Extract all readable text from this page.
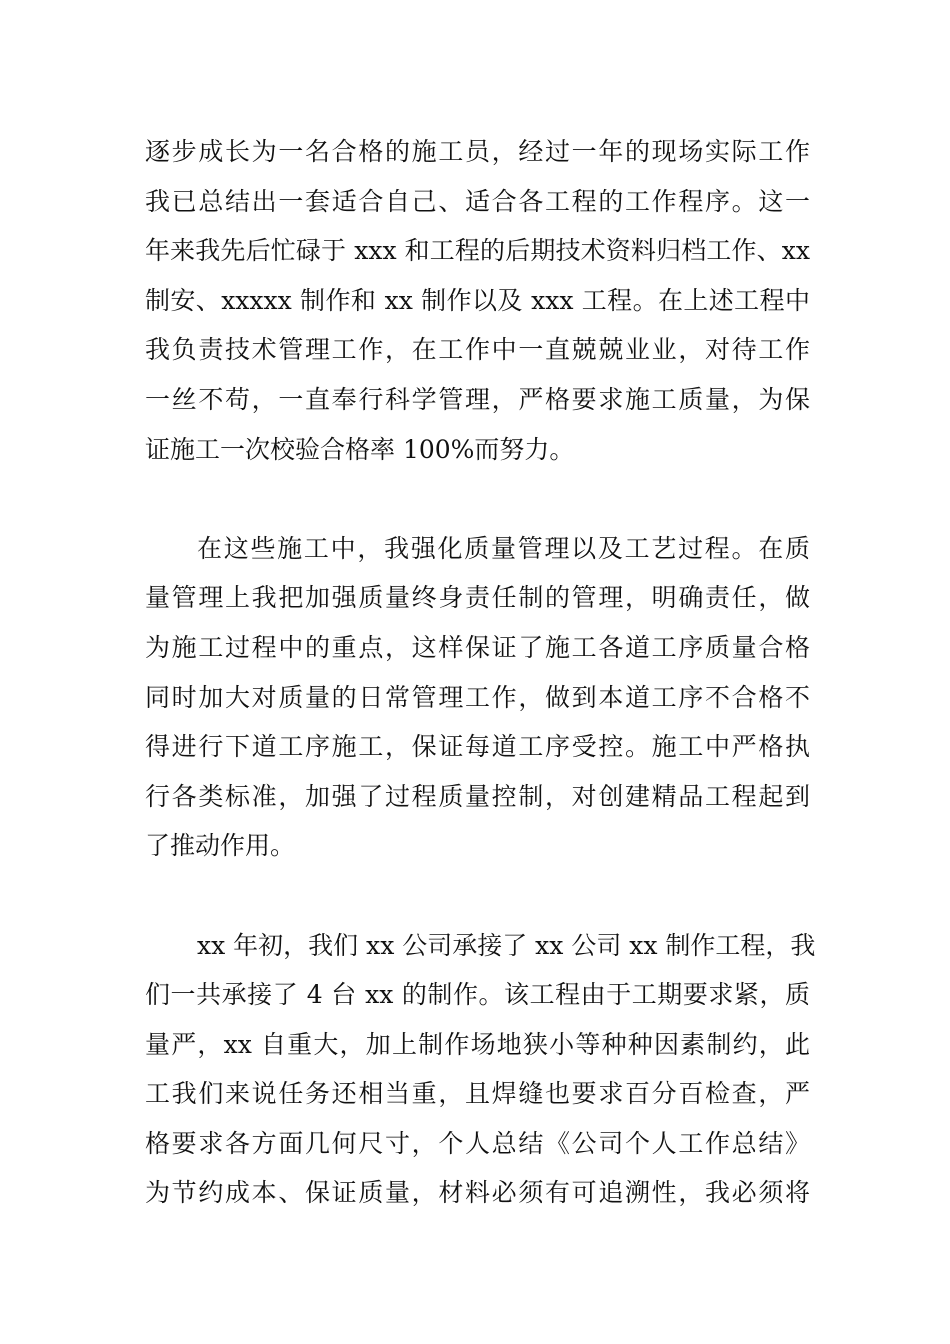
逐步成长为一名合格的施工员，经过一年的现场实际工作
我已总结出一套适合自己、适合各工程的工作程序。这一
年来我先后忙碌于 xxx 和工程的后期技术资料归档工作、xx
制安、xxxxx 制作和 xx 制作以及 xxx 工程。在上述工程中
我负责技术管理工作，在工作中一直兢兢业业，对待工作
一丝不苟，一直奉行科学管理，严格要求施工质量，为保
证施工一次校验合格率 100%而努力。
在这些施工中，我强化质量管理以及工艺过程。在质
量管理上我把加强质量终身责任制的管理，明确责任，做
为施工过程中的重点，这样保证了施工各道工序质量合格
同时加大对质量的日常管理工作，做到本道工序不合格不
得进行下道工序施工，保证每道工序受控。施工中严格执
行各类标准，加强了过程质量控制，对创建精品工程起到
了推动作用。
xx 年初，我们 xx 公司承接了 xx 公司 xx 制作工程，我
们一共承接了 4 台 xx 的制作。该工程由于工期要求紧，质
量严，xx 自重大，加上制作场地狭小等种种因素制约，此
工我们来说任务还相当重，且焊缝也要求百分百检查，严
格要求各方面几何尺寸，个人总结《公司个人工作总结》
为节约成本、保证质量，材料必须有可追溯性，我必须将
